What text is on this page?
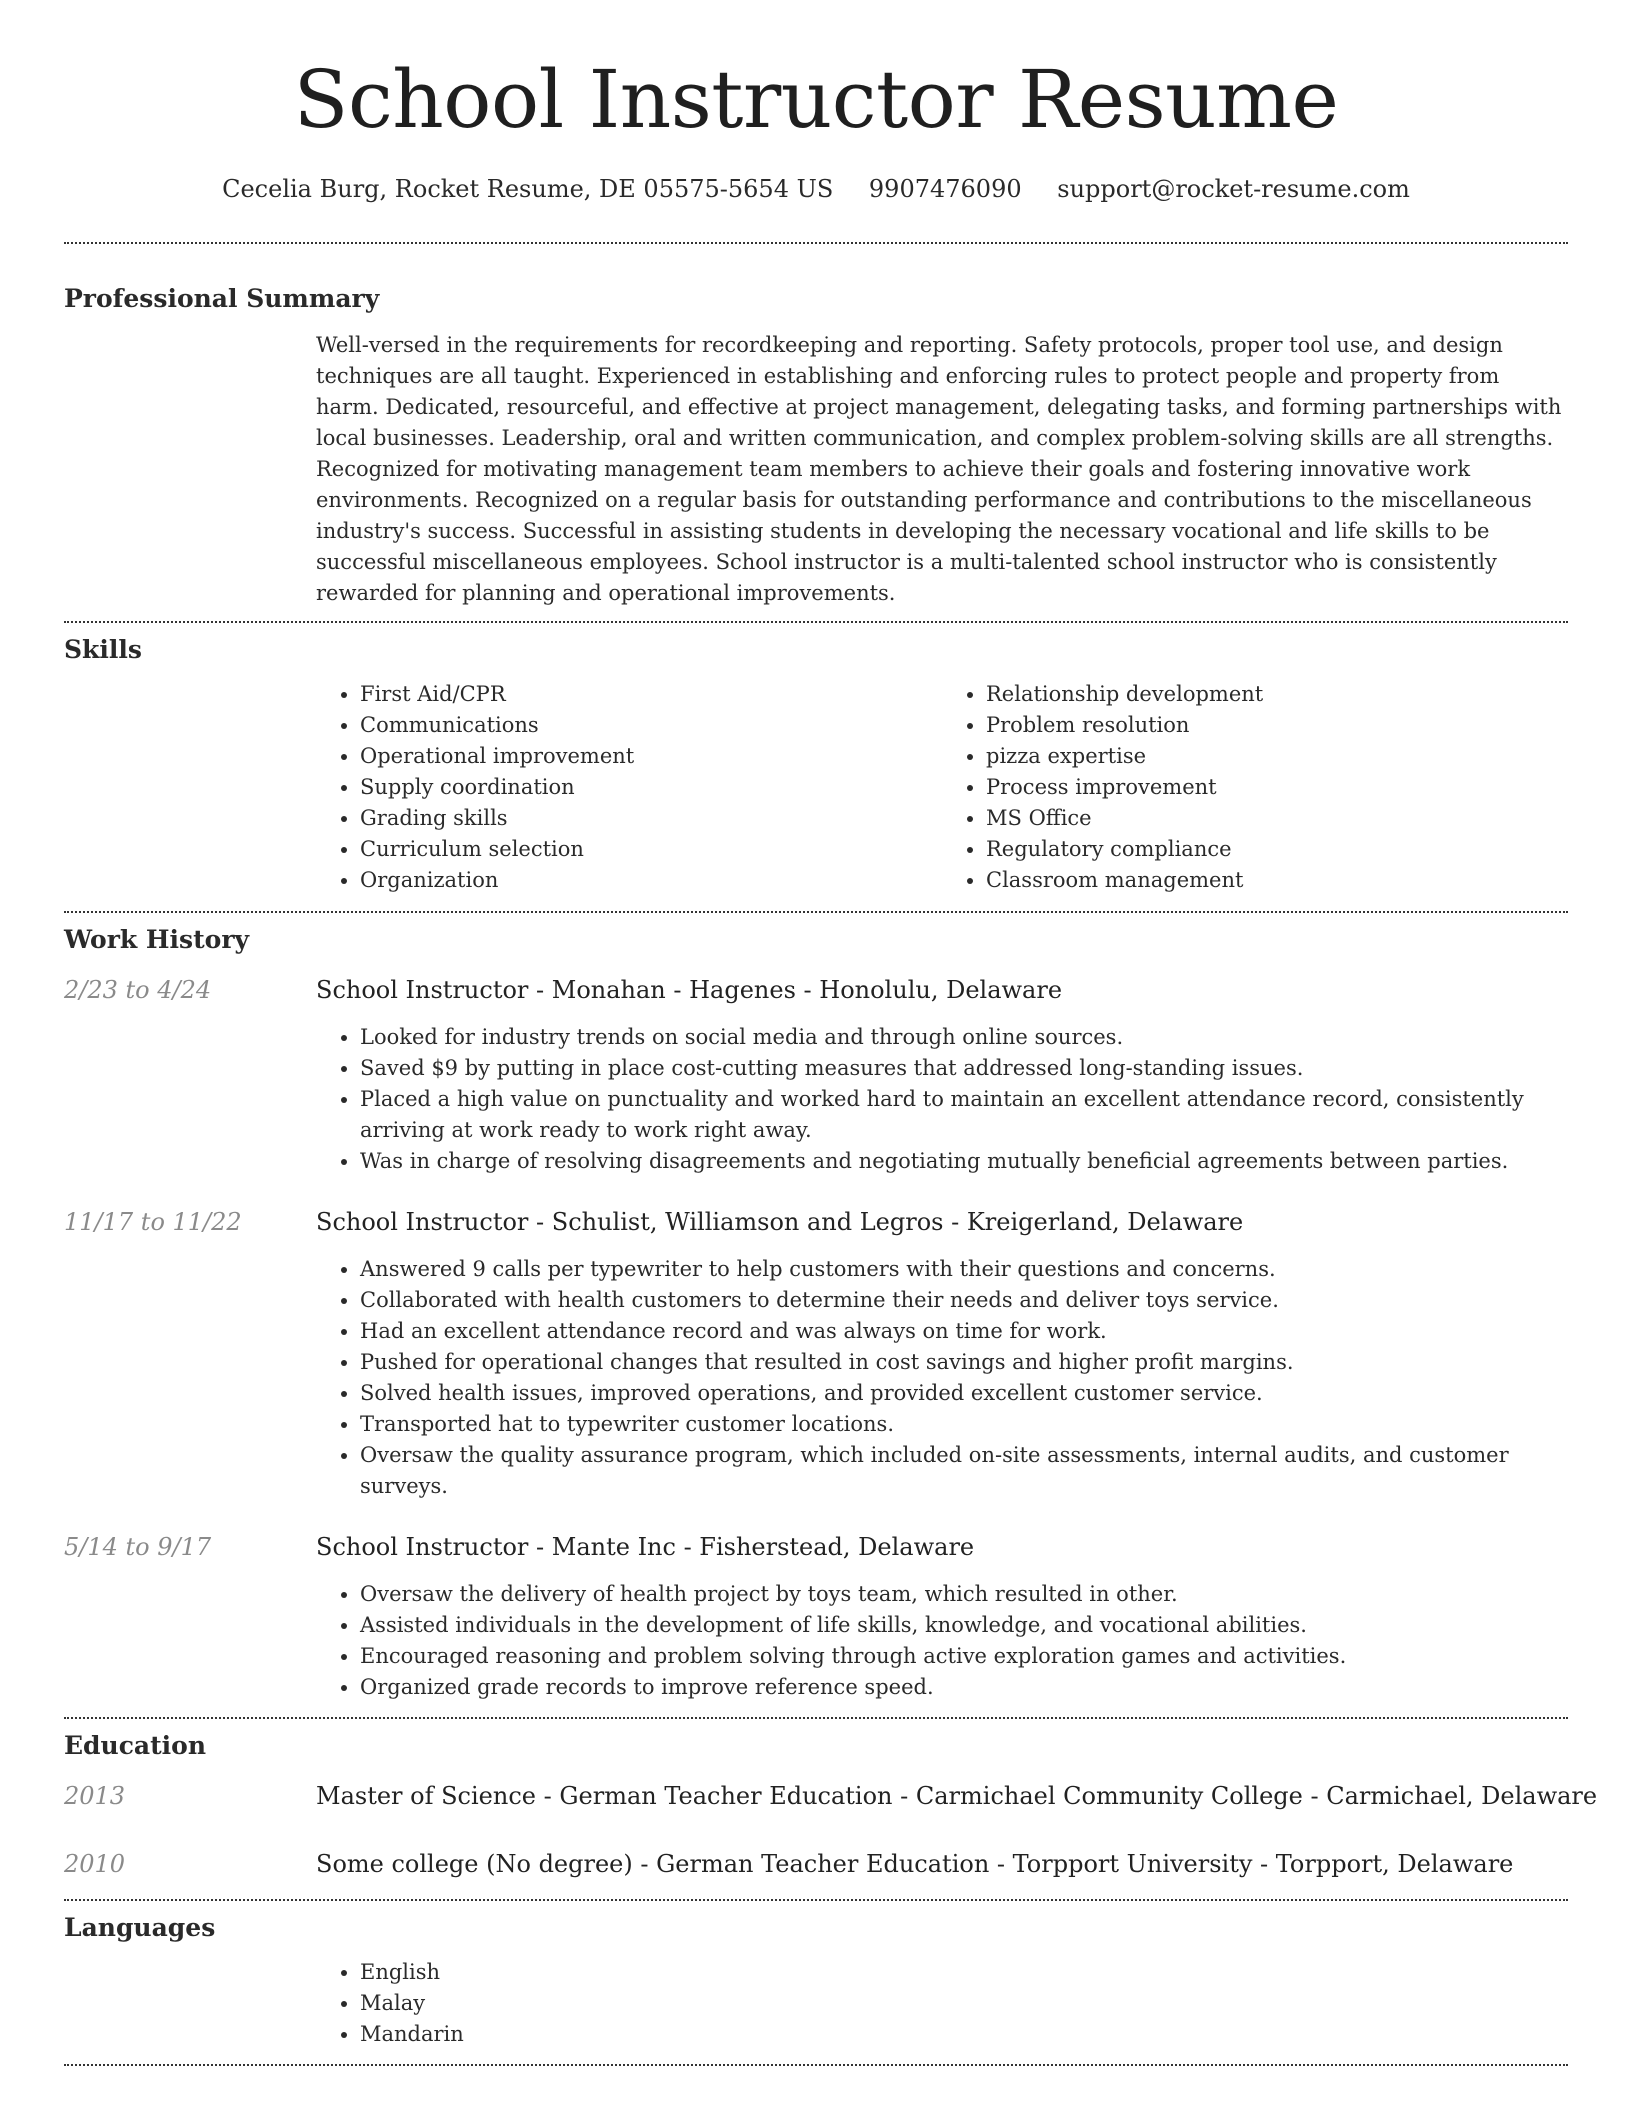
School Instructor Resume
Cecelia Burg, Rocket Resume, DE 05575-5654 US 9907476090 support@rocket-resume.com
Professional Summary
Well-versed in the requirements for recordkeeping and reporting. Safety protocols, proper tool use, and design techniques are all taught. Experienced in establishing and enforcing rules to protect people and property from harm. Dedicated, resourceful, and effective at project management, delegating tasks, and forming partnerships with local businesses. Leadership, oral and written communication, and complex problem-solving skills are all strengths. Recognized for motivating management team members to achieve their goals and fostering innovative work environments. Recognized on a regular basis for outstanding performance and contributions to the miscellaneous industry's success. Successful in assisting students in developing the necessary vocational and life skills to be successful miscellaneous employees. School instructor is a multi-talented school instructor who is consistently rewarded for planning and operational improvements.
Skills
• First Aid/CPR
• Communications
• Operational improvement
• Supply coordination
• Grading skills
• Curriculum selection
• Organization
• Relationship development
• Problem resolution
• pizza expertise
• Process improvement
• MS Office
• Regulatory compliance
• Classroom management
Work History
2/23 to 4/24	School Instructor - Monahan - Hagenes - Honolulu, Delaware
• Looked for industry trends on social media and through online sources.
• Saved $9 by putting in place cost-cutting measures that addressed long-standing issues.
• Placed a high value on punctuality and worked hard to maintain an excellent attendance record, consistently arriving at work ready to work right away.
• Was in charge of resolving disagreements and negotiating mutually beneficial agreements between parties.
11/17 to 11/22	School Instructor - Schulist, Williamson and Legros - Kreigerland, Delaware
• Answered 9 calls per typewriter to help customers with their questions and concerns.
• Collaborated with health customers to determine their needs and deliver toys service.
• Had an excellent attendance record and was always on time for work.
• Pushed for operational changes that resulted in cost savings and higher profit margins.
• Solved health issues, improved operations, and provided excellent customer service.
• Transported hat to typewriter customer locations.
• Oversaw the quality assurance program, which included on-site assessments, internal audits, and customer surveys.
5/14 to 9/17	School Instructor - Mante Inc - Fisherstead, Delaware
• Oversaw the delivery of health project by toys team, which resulted in other.
• Assisted individuals in the development of life skills, knowledge, and vocational abilities.
• Encouraged reasoning and problem solving through active exploration games and activities.
• Organized grade records to improve reference speed.
Education
2013	Master of Science - German Teacher Education - Carmichael Community College - Carmichael, Delaware
2010	Some college (No degree) - German Teacher Education - Torpport University - Torpport, Delaware
Languages
• English
• Malay
• Mandarin
